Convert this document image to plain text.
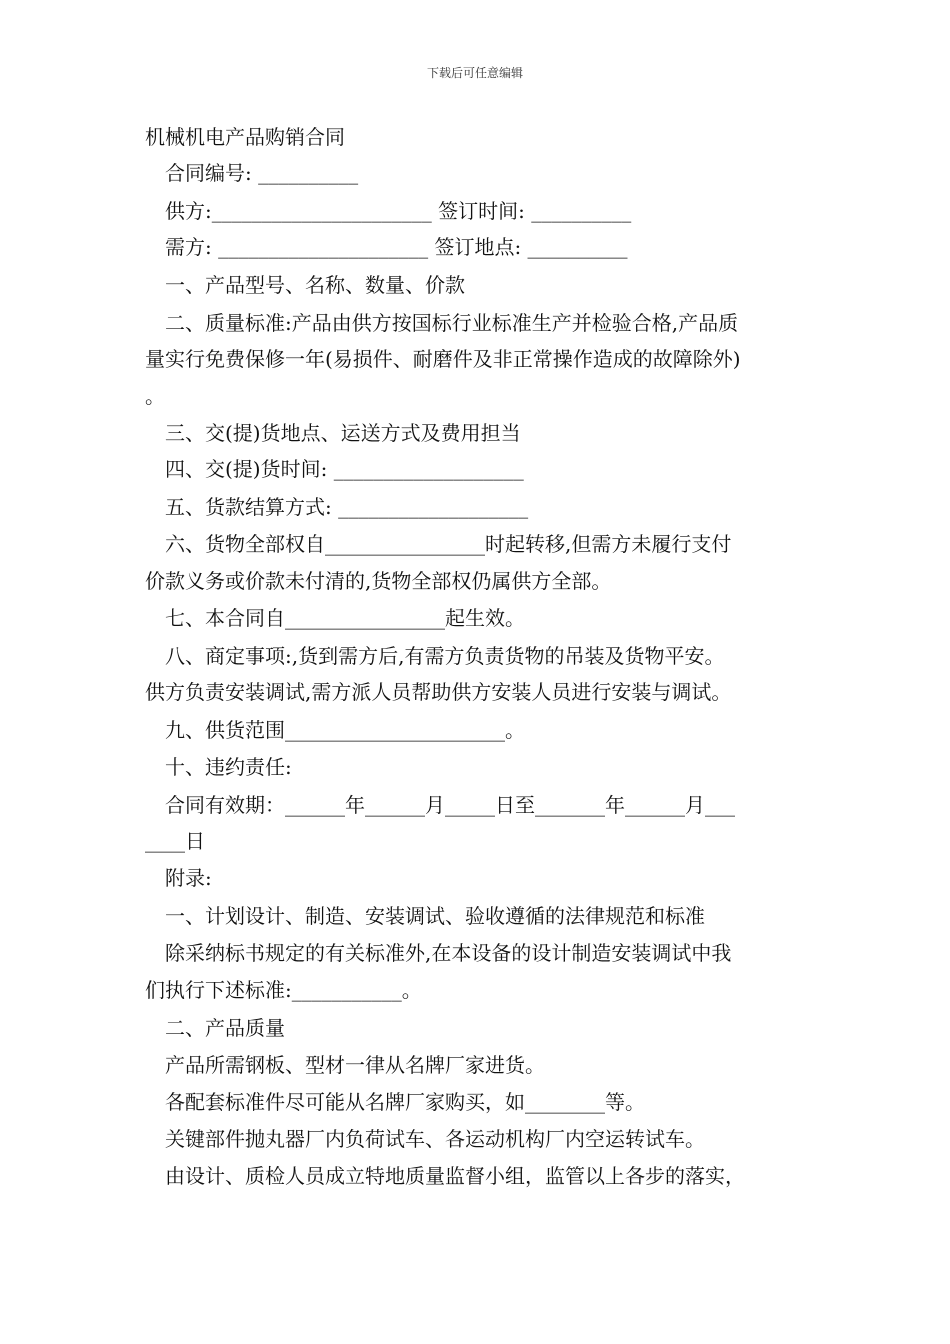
下载后可任意编辑
机械机电产品购销合同
合同编号: __________
供方:______________________ 签订时间: __________
需方: _____________________ 签订地点: __________
一、产品型号、名称、数量、价款
二、质量标准:产品由供方按国标行业标准生产并检验合格,产品质
量实行免费保修一年(易损件、耐磨件及非正常操作造成的故障除外)
。
三、交(提)货地点、运送方式及费用担当
四、交(提)货时间: ___________________
五、货款结算方式: ___________________
六、货物全部权自________________时起转移,但需方未履行支付
价款义务或价款未付清的,货物全部权仍属供方全部。
七、本合同自________________起生效。
八、商定事项:,货到需方后,有需方负责货物的吊装及货物平安。
供方负责安装调试,需方派人员帮助供方安装人员进行安装与调试。
九、供货范围______________________。
十、违约责任:
合同有效期：______年______月_____日至_______年______月___
____日
附录:
一、计划设计、制造、安装调试、验收遵循的法律规范和标准
除采纳标书规定的有关标准外,在本设备的设计制造安装调试中我
们执行下述标准:___________。
二、产品质量
产品所需钢板、型材一律从名牌厂家进货。
各配套标准件尽可能从名牌厂家购买，如________等。
关键部件抛丸器厂内负荷试车、各运动机构厂内空运转试车。
由设计、质检人员成立特地质量监督小组，监管以上各步的落实，
